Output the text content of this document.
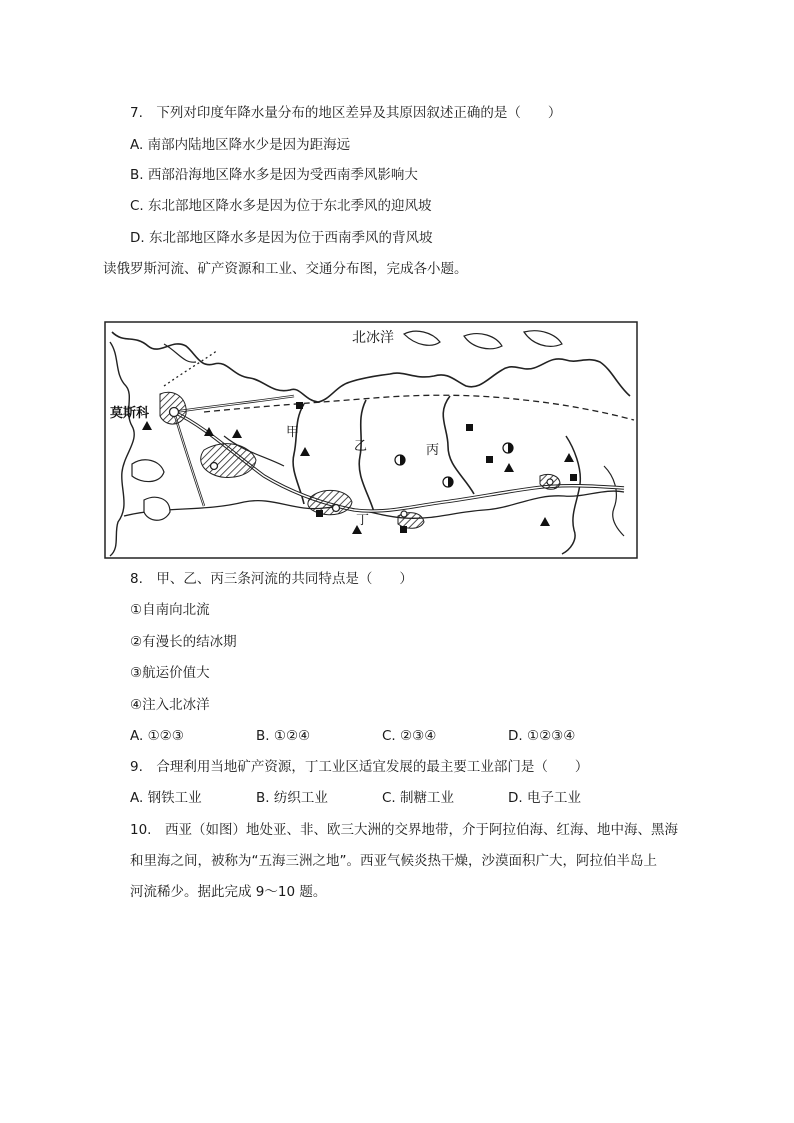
7.　下列对印度年降水量分布的地区差异及其原因叙述正确的是（　　）
A. 南部内陆地区降水少是因为距海远
B. 西部沿海地区降水多是因为受西南季风影响大
C. 东北部地区降水多是因为位于东北季风的迎风坡
D. 东北部地区降水多是因为位于西南季风的背风坡
读俄罗斯河流、矿产资源和工业、交通分布图，完成各小题。
北冰洋
莫斯科
甲
乙	丙
丁
8.　甲、乙、丙三条河流的共同特点是（　　）
①自南向北流
②有漫长的结冰期
③航运价值大
④注入北冰洋
A. ①②③	B. ①②④	C. ②③④	D. ①②③④
9.　合理利用当地矿产资源，丁工业区适宜发展的最主要工业部门是（　　）
A. 钢铁工业	B. 纺织工业	C. 制糖工业	D. 电子工业
10.　西亚（如图）地处亚、非、欧三大洲的交界地带，介于阿拉伯海、红海、地中海、黑海
和里海之间，被称为“五海三洲之地”。西亚气候炎热干燥，沙漠面积广大，阿拉伯半岛上
河流稀少。据此完成 9～10 题。
